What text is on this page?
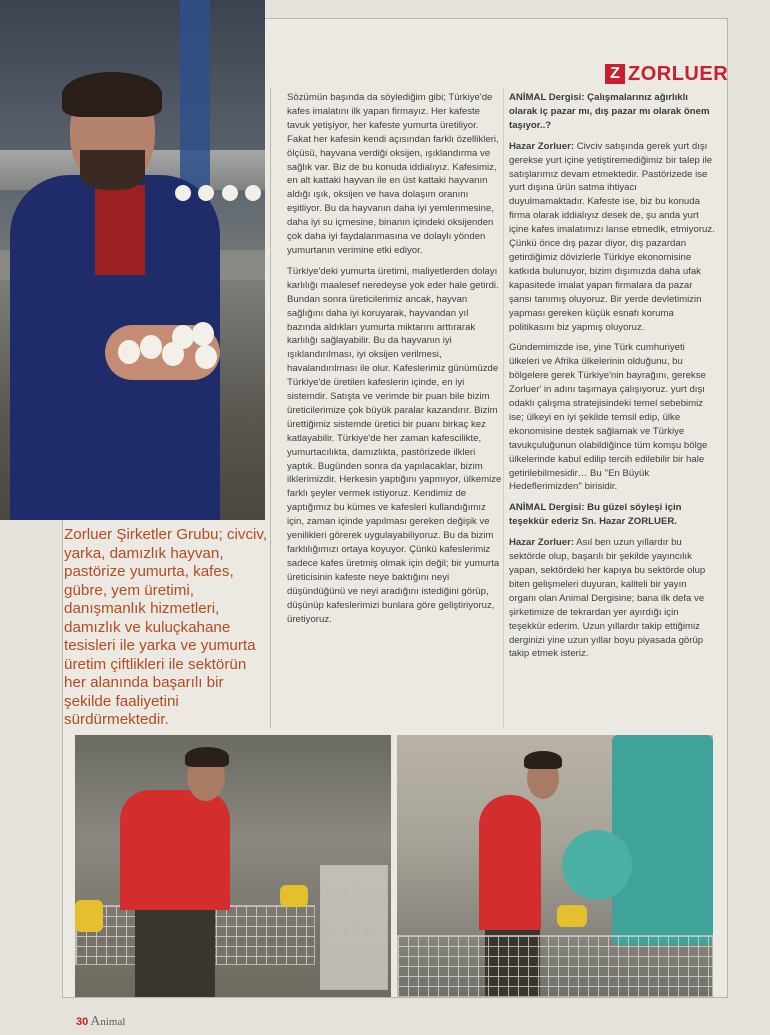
Z ZORLUER

Sözümün başında da söylediğim gibi; Türkiye'de kafes imalatını ilk yapan firmayız. Her kafeste tavuk yetişiyor, her kafeste yumurta üretiliyor. Fakat her kafesin kendi açısından farklı özellikleri, ölçüsü, hayvana verdiği oksijen, ışıklandırma ve sağlık var. Biz de bu konuda iddialıyız. Kafesimiz, en alt kattaki hayvan ile en üst kattaki hayvanın aldığı ışık, oksijen ve hava dolaşım oranını eşitliyor. Bu da hayvanın daha iyi yemlenmesine, daha iyi su içmesine, binanın içindeki oksijenden çok daha iyi faydalanmasına ve dolaylı yönden yumurtanın verimine etki ediyor.

Türkiye'deki yumurta üretimi, maliyetlerden dolayı karlılığı maalesef neredeyse yok eder hale getirdi. Bundan sonra üreticilerimiz ancak, hayvan sağlığını daha iyi koruyarak, hayvandan yıl bazında aldıkları yumurta miktarını arttırarak karlılığı sağlayabilir. Bu da hayvanın iyi ışıklandırılması, iyi oksijen verilmesi, havalandırılması ile olur. Kafeslerimiz günümüzde Türkiye'de üretilen kafeslerin içinde, en iyi sistemdir. Satışta ve verimde bir puan bile bizim üreticilerimize çok büyük paralar kazandırır. Bizim ürettiğimiz sistemde üretici bir puanı birkaç kez katlayabilir. Türkiye'de her zaman kafescilikte, yumurtacılıkta, damızlıkta, pastörizede ilkleri yaptık. Bugünden sonra da yapılacaklar, bizim ilklerimizdir. Herkesin yaptığını yapmıyor, ülkemize farklı şeyler vermek istiyoruz. Kendimiz de yaptığımız bu kümes ve kafesleri kullandığımız için, zaman içinde yapılması gereken değişik ve yenilikleri görerek uygulayabiliyoruz. Bu da bizim farklılığımızı ortaya koyuyor. Çünkü kafeslerimiz sadece kafes üretmiş olmak için değil; bir yumurta üreticisinin kafeste neye baktığını neyi düşündüğünü ve neyi aradığını istediğini görüp, düşünüp kafeslerimizi bunlara göre geliştiriyoruz, üretiyoruz.

ANİMAL Dergisi: Çalışmalarınız ağırlıklı olarak iç pazar mı, dış pazar mı olarak önem taşıyor..?

Hazar Zorluer: Civciv satışında gerek yurt dışı gerekse yurt içine yetiştiremediğimiz bir talep ile satışlarımız devam etmektedir. Pastörizede ise yurt dışına ürün satma ihtiyacı duyulmamaktadır. Kafeste ise, biz bu konuda firma olarak iddialıyız desek de, şu anda yurt içine kafes imalatımızı lanse etmedik, etmiyoruz. Çünkü önce dış pazar diyor, dış pazardan getirdiğimiz dövizlerle Türkiye ekonomisine katkıda bulunuyor, bizim dışımızda daha ufak kapasitede imalat yapan firmalara da pazar şansı tanımış oluyoruz. Bir yerde devletimizin yapması gereken küçük esnafı koruma politikasını biz yapmış oluyoruz.

Gündemimizde ise, yine Türk cumhuriyeti ülkeleri ve Afrika ülkelerinin olduğunu, bu bölgelere gerek Türkiye'nin bayrağını, gerekse Zorluer' in adını taşımaya çalışıyoruz. yurt dışı odaklı çalışma stratejisindeki temel sebebimiz ise; ülkeyi en iyi şekilde temsil edip, ülke ekonomisine destek sağlamak ve Türkiye tavukçuluğunun olabildiğince tüm komşu bölge ülkelerinde kabul edilip tercih edilebilir bir hale getirilebilmesidir… Bu ''En Büyük Hedeflerimizden'' birisidir.

ANİMAL Dergisi: Bu güzel söyleşi için teşekkür ederiz Sn. Hazar ZORLUER.

Hazar Zorluer: Asıl ben uzun yıllardır bu sektörde olup, başarılı bir şekilde yayıncılık yapan, sektördeki her kapıya bu sektörde olup biten gelişmeleri duyuran, kaliteli bir yayın organı olan Animal Dergisine; bana ilk defa ve şirketimize de tekrardan yer ayırdığı için teşekkür ederim. Uzun yıllardır takip ettiğimiz derginizi yine uzun yıllar boyu piyasada görüp takip etmek isteriz.

Zorluer Şirketler Grubu; civciv, yarka, damızlık hayvan, pastörize yumurta, kafes, gübre, yem üretimi, danışmanlık hizmetleri, damızlık ve kuluçkahane tesisleri ile yarka ve yumurta üretim çiftlikleri ile sektörün her alanında başarılı bir şekilde faaliyetini sürdürmektedir.
30 Animal
